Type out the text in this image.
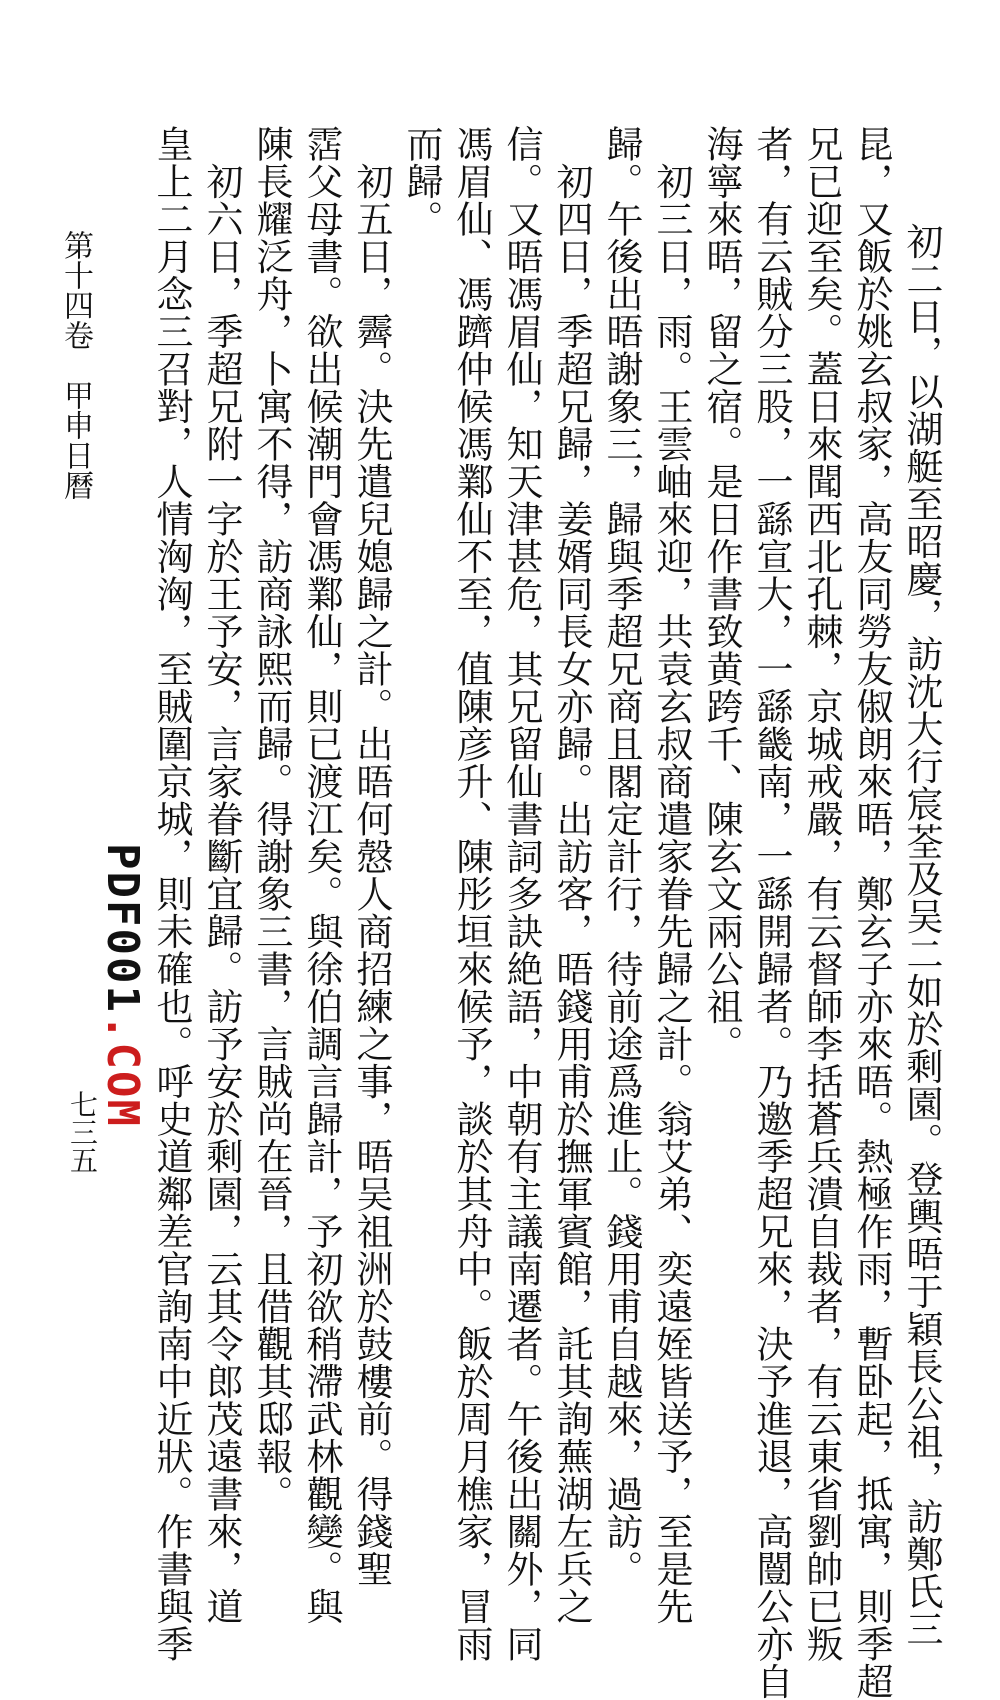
　初二日，以湖艇至昭慶，訪沈大行宸荃及吴二如於剩園。登輿晤于穎長公祖，訪鄭氏三
昆，又飯於姚玄叔家，高友同勞友俶朗來晤，鄭玄子亦來晤。熱極作雨，暫卧起，抵寓，則季超
兄已迎至矣。蓋日來聞西北孔棘，京城戒嚴，有云督師李括蒼兵潰自裁者，有云東省劉帥已叛
者，有云賊分三股，一繇宣大，一繇畿南，一繇開歸者。乃邀季超兄來，決予進退，高闓公亦自
海寧來晤，留之宿。是日作書致黄跨千、陳玄文兩公祖。
　初三日，雨。王雲岫來迎，共袁玄叔商遣家眷先歸之計。翁艾弟、奕遠姪皆送予，至是先
歸。午後出晤謝象三，歸與季超兄商且閣定計行，待前途爲進止。錢用甫自越來，過訪。
　初四日，季超兄歸，姜婿同長女亦歸。出訪客，晤錢用甫於撫軍賓館，託其詢蕪湖左兵之
信。又晤馮眉仙，知天津甚危，其兄留仙書詞多訣絶語，中朝有主議南遷者。午後出關外，同
馮眉仙、馮躋仲候馮鄴仙不至，值陳彦升、陳彤垣來候予，談於其舟中。飯於周月樵家，冒雨
而歸。
　初五日，霽。決先遣兒媳歸之計。出晤何慤人商招練之事，晤吴祖洲於鼓樓前。得錢聖
霑父母書。欲出候潮門會馮鄴仙，則已渡江矣。與徐伯調言歸計，予初欲稍滯武林觀變。與
陳長耀泛舟，卜寓不得，訪商詠熙而歸。得謝象三書，言賊尚在晉，且借觀其邸報。
　初六日，季超兄附一字於王予安，言家眷斷宜歸。訪予安於剩園，云其令郎茂遠書來，道
皇上二月念三召對，人情洶洶，至賊圍京城，則未確也。呼史道鄰差官詢南中近狀。作書與季
第十四卷　甲申日曆
PDF001.COM
七三五
